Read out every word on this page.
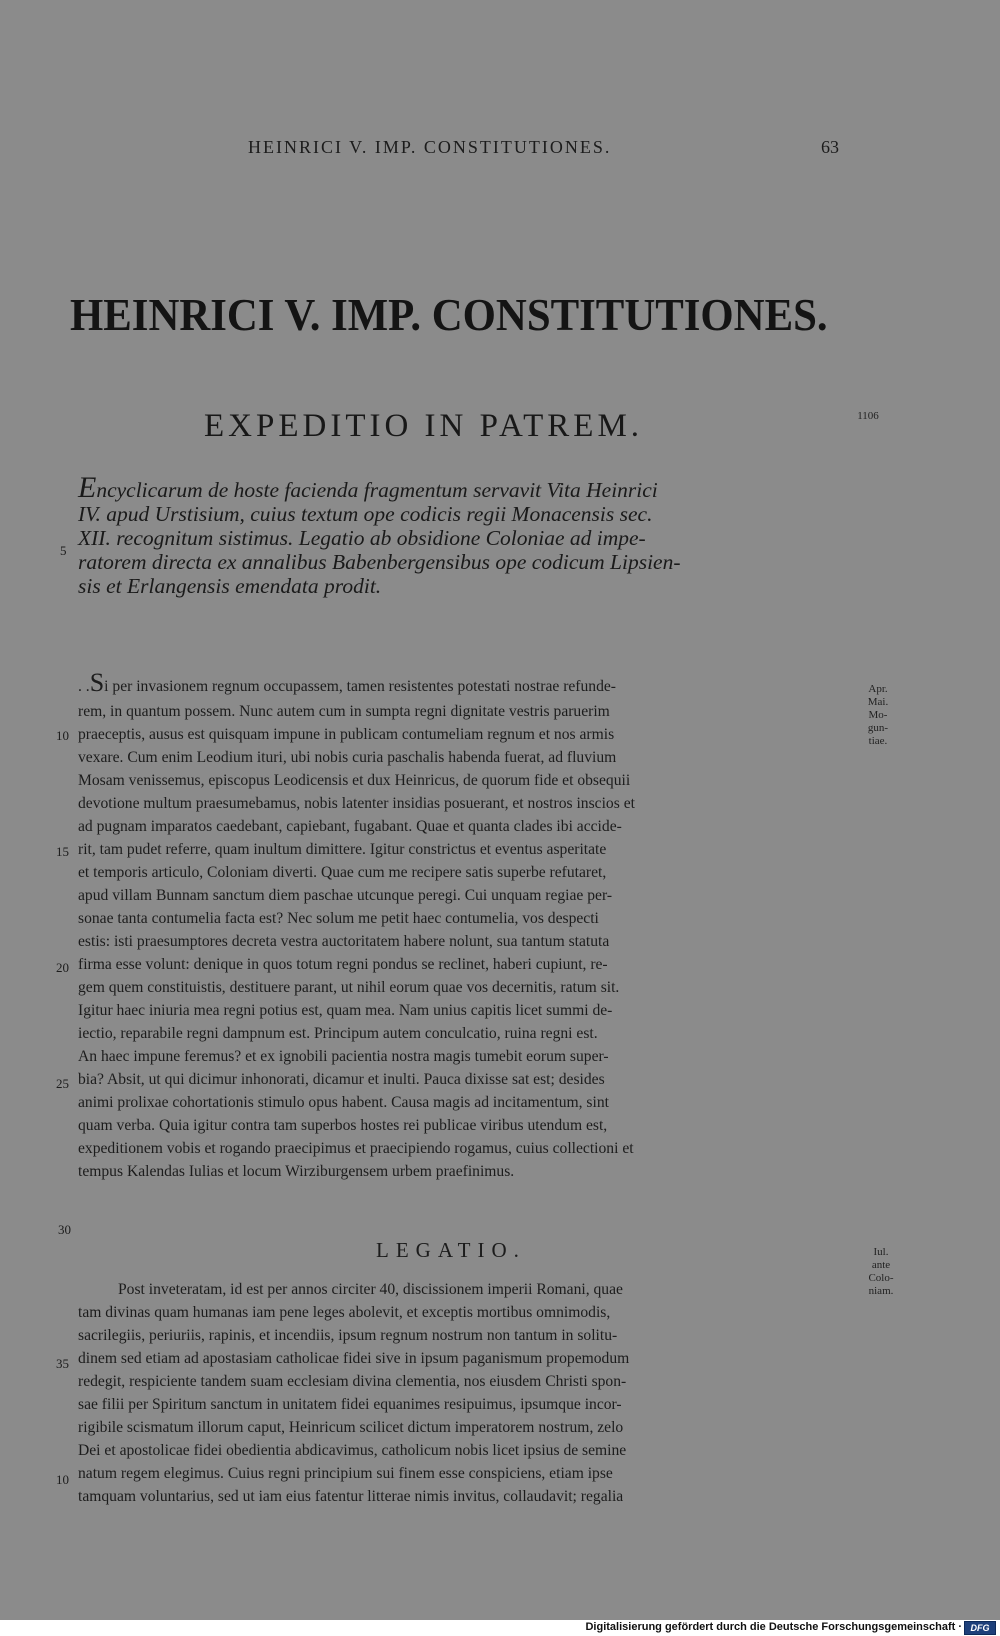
HEINRICI V. IMP. CONSTITUTIONES.	63
HEINRICI V. IMP. CONSTITUTIONES.
EXPEDITIO IN PATREM.	1106
Encyclicarum de hoste facienda fragmentum servavit Vita Heinrici
IV. apud Urstisium, cuius textum ope codicis regii Monacensis sec.
XII. recognitum sistimus. Legatio ab obsidione Coloniae ad impe-
ratorem directa ex annalibus Babenbergensibus ope codicum Lipsien-
sis et Erlangensis emendata prodit.
5
10
15
20
25
30
35
10
Apr.
Mai.
Mo-
gun-
tiae.
Iul.
ante
Colo-
niam.
. .Si per invasionem regnum occupassem, tamen resistentes potestati nostrae refunde-
rem, in quantum possem. Nunc autem cum in sumpta regni dignitate vestris paruerim
praeceptis, ausus est quisquam impune in publicam contumeliam regnum et nos armis
vexare. Cum enim Leodium ituri, ubi nobis curia paschalis habenda fuerat, ad fluvium
Mosam venissemus, episcopus Leodicensis et dux Heinricus, de quorum fide et obsequii
devotione multum praesumebamus, nobis latenter insidias posuerant, et nostros inscios et
ad pugnam imparatos caedebant, capiebant, fugabant. Quae et quanta clades ibi accide-
rit, tam pudet referre, quam inultum dimittere. Igitur constrictus et eventus asperitate
et temporis articulo, Coloniam diverti. Quae cum me recipere satis superbe refutaret,
apud villam Bunnam sanctum diem paschae utcunque peregi. Cui unquam regiae per-
sonae tanta contumelia facta est? Nec solum me petit haec contumelia, vos despecti
estis: isti praesumptores decreta vestra auctoritatem habere nolunt, sua tantum statuta
firma esse volunt: denique in quos totum regni pondus se reclinet, haberi cupiunt, re-
gem quem constituistis, destituere parant, ut nihil eorum quae vos decernitis, ratum sit.
Igitur haec iniuria mea regni potius est, quam mea. Nam unius capitis licet summi de-
iectio, reparabile regni dampnum est. Principum autem conculcatio, ruina regni est.
An haec impune feremus? et ex ignobili pacientia nostra magis tumebit eorum super-
bia? Absit, ut qui dicimur inhonorati, dicamur et inulti. Pauca dixisse sat est; desides
animi prolixae cohortationis stimulo opus habent. Causa magis ad incitamentum, sint
quam verba. Quia igitur contra tam superbos hostes rei publicae viribus utendum est,
expeditionem vobis et rogando praecipimus et praecipiendo rogamus, cuius collectioni et
tempus Kalendas Iulias et locum Wirziburgensem urbem praefinimus.
LEGATIO.
Post inveteratam, id est per annos circiter 40, discissionem imperii Romani, quae
tam divinas quam humanas iam pene leges abolevit, et exceptis mortibus omnimodis,
sacrilegiis, periuriis, rapinis, et incendiis, ipsum regnum nostrum non tantum in solitu-
dinem sed etiam ad apostasiam catholicae fidei sive in ipsum paganismum propemodum
redegit, respiciente tandem suam ecclesiam divina clementia, nos eiusdem Christi spon-
sae filii per Spiritum sanctum in unitatem fidei equanimes resipuimus, ipsumque incor-
rigibile scismatum illorum caput, Heinricum scilicet dictum imperatorem nostrum, zelo
Dei et apostolicae fidei obedientia abdicavimus, catholicum nobis licet ipsius de semine
natum regem elegimus. Cuius regni principium sui finem esse conspiciens, etiam ipse
tamquam voluntarius, sed ut iam eius fatentur litterae nimis invitus, collaudavit; regalia
Digitalisierung gefördert durch die Deutsche Forschungsgemeinschaft · DFG
